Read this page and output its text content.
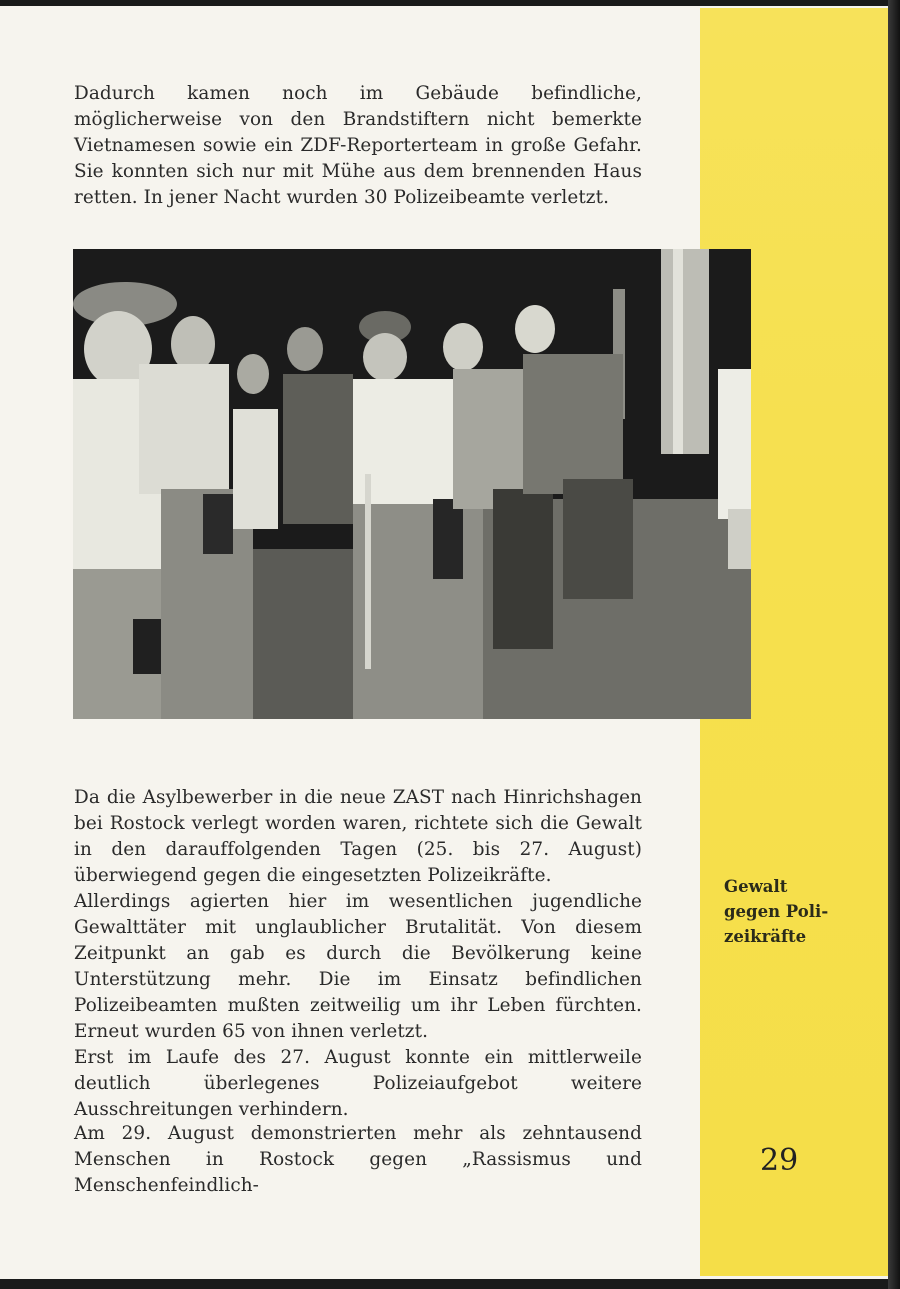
Dadurch kamen noch im Gebäude befindliche, möglicherweise von den Brandstiftern nicht bemerkte Vietnamesen sowie ein ZDF-Reporterteam in große Gefahr. Sie konnten sich nur mit Mühe aus dem brennenden Haus retten. In jener Nacht wurden 30 Polizeibeamte verletzt.

Da die Asylbewerber in die neue ZAST nach Hinrichshagen bei Rostock verlegt worden waren, richtete sich die Gewalt in den darauffolgenden Tagen (25. bis 27. August) überwiegend gegen die eingesetzten Polizeikräfte.

Allerdings agierten hier im wesentlichen jugendliche Gewalttäter mit unglaublicher Brutalität. Von diesem Zeitpunkt an gab es durch die Bevölkerung keine Unterstützung mehr. Die im Einsatz befindlichen Polizeibeamten mußten zeitweilig um ihr Leben fürchten. Erneut wurden 65 von ihnen verletzt.

Erst im Laufe des 27. August konnte ein mittlerweile deutlich überlegenes Polizeiaufgebot weitere Ausschreitungen verhindern.

Am 29. August demonstrierten mehr als zehntausend Menschen in Rostock gegen „Rassismus und Menschenfeindlich-

Gewalt
gegen Poli-
zeikräfte
29
